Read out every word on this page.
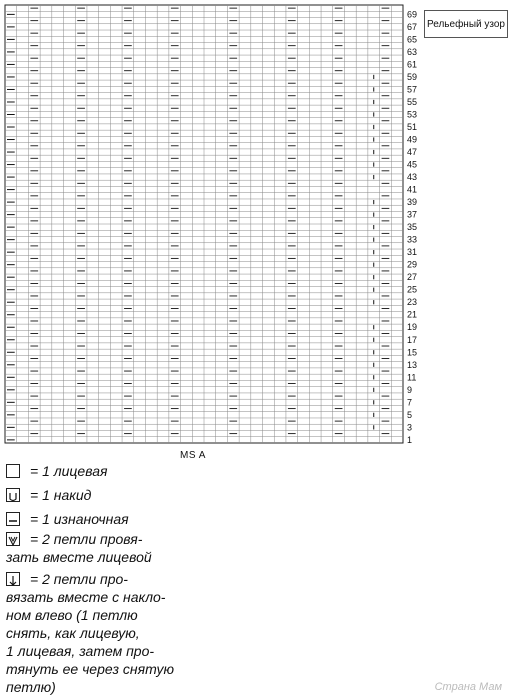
69
67
65
63
61
59
57
55
53
51
49
47
45
43
41
39
37
35
33
31
29
27
25
23
21
19
17
15
13
11
9
7
5
3
1
Рельефный узор
MS A
= 1 лицевая
= 1 накид
= 1 изнаночная
= 2 петли провя-
зать вместе лицевой
= 2 петли про-
вязать вместе с накло-
ном влево (1 петлю
снять, как лицевую,
1 лицевая, затем про-
тянуть ее через снятую
петлю)	Страна Мам
